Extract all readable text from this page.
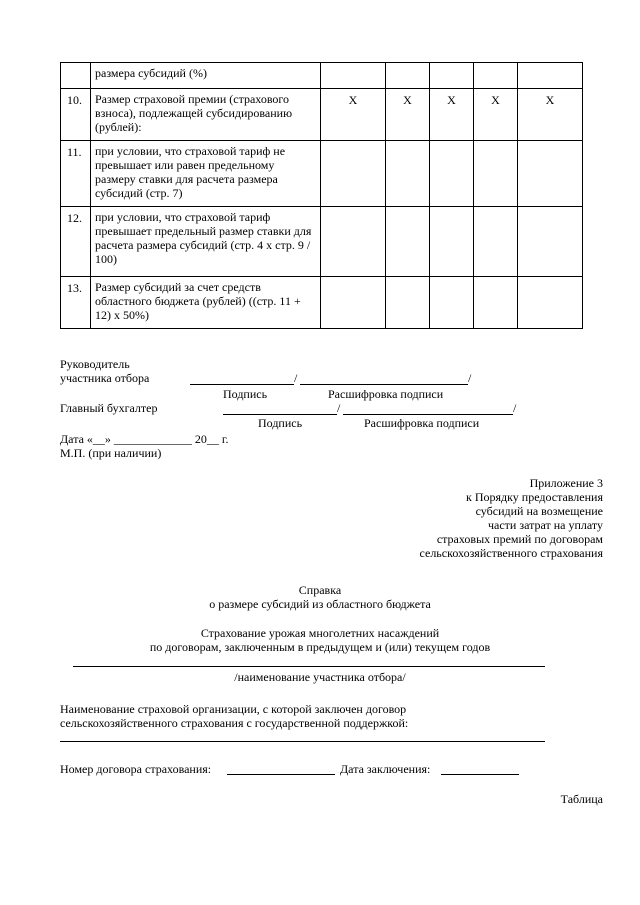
	размера субсидий (%)					
10.	Размер страховой премии (страхового взноса), подлежащей субсидированию (рублей):	X	X	X	X	X
11.	при условии, что страховой тариф не превышает или равен предельному размеру ставки для расчета размера субсидий (стр. 7)					
12.	при условии, что страховой тариф превышает предельный размер ставки для расчета размера субсидий (стр. 4 х стр. 9 / 100)					
13.	Размер субсидий за счет средств областного бюджета (рублей) ((стр. 11 + 12) х 50%)					
Руководитель
участника отбора	/	/
Подпись	Расшифровка подписи
Главный бухгалтер	/	/
Подпись	Расшифровка подписи
Дата «__» _____________ 20__ г.
М.П. (при наличии)
Приложение 3
к Порядку предоставления
субсидий на возмещение
части затрат на уплату
страховых премий по договорам
сельскохозяйственного страхования
Справка
о размере субсидий из областного бюджета
Страхование урожая многолетних насаждений
по договорам, заключенным в предыдущем и (или) текущем годов
/наименование участника отбора/
Наименование страховой организации, с которой заключен договор
сельскохозяйственного страхования с государственной поддержкой:
Номер договора страхования:	Дата заключения:
Таблица
